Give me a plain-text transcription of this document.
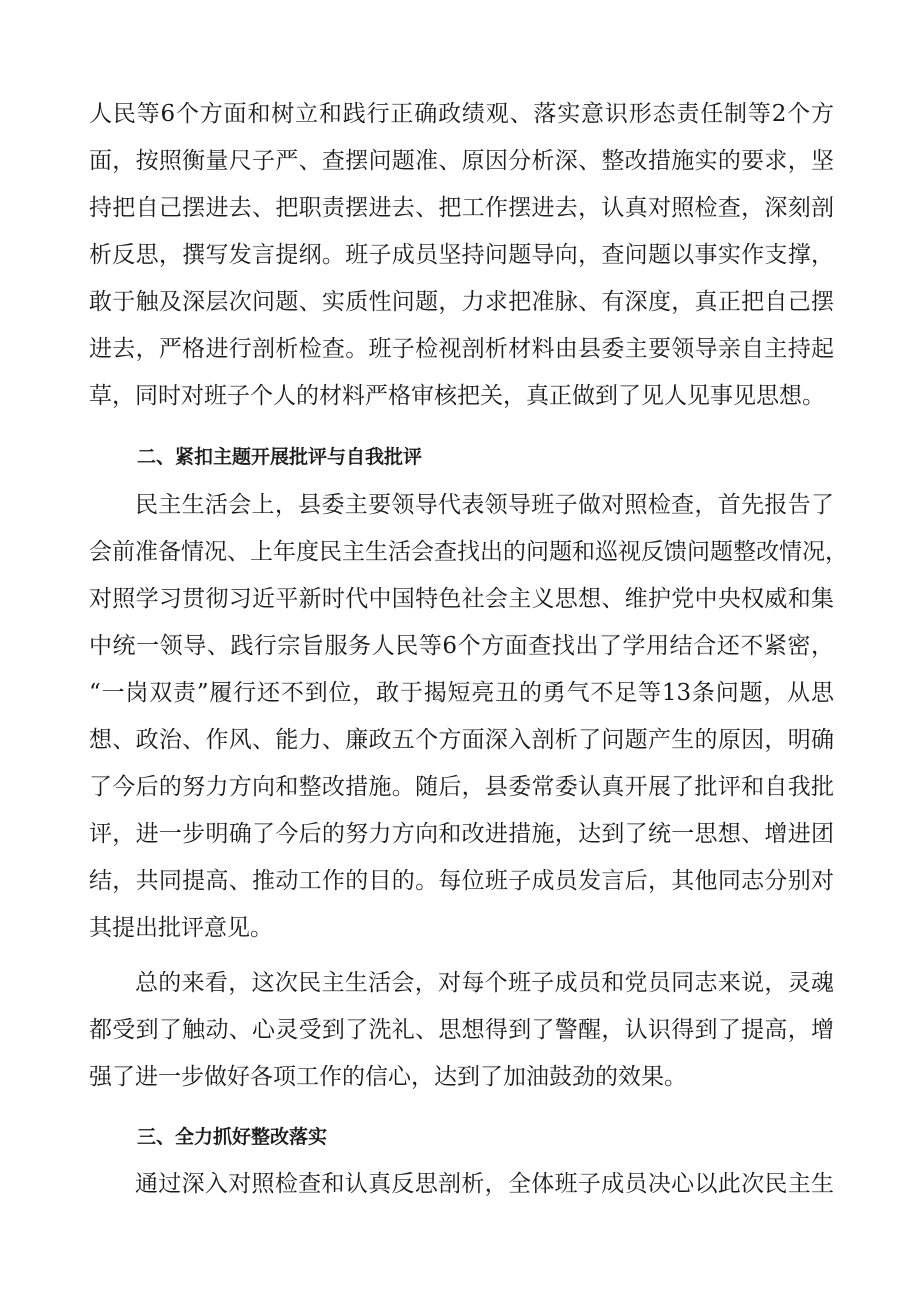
人民等6个方面和树立和践行正确政绩观、落实意识形态责任制等2个方
面，按照衡量尺子严、查摆问题准、原因分析深、整改措施实的要求，坚
持把自己摆进去、把职责摆进去、把工作摆进去，认真对照检查，深刻剖
析反思，撰写发言提纲。班子成员坚持问题导向，查问题以事实作支撑，
敢于触及深层次问题、实质性问题，力求把准脉、有深度，真正把自己摆
进去，严格进行剖析检查。班子检视剖析材料由县委主要领导亲自主持起
草，同时对班子个人的材料严格审核把关，真正做到了见人见事见思想。
二、紧扣主题开展批评与自我批评
民主生活会上，县委主要领导代表领导班子做对照检查，首先报告了
会前准备情况、上年度民主生活会查找出的问题和巡视反馈问题整改情况，
对照学习贯彻习近平新时代中国特色社会主义思想、维护党中央权威和集
中统一领导、践行宗旨服务人民等6个方面查找出了学用结合还不紧密，
“一岗双责”履行还不到位，敢于揭短亮丑的勇气不足等13条问题，从思
想、政治、作风、能力、廉政五个方面深入剖析了问题产生的原因，明确
了今后的努力方向和整改措施。随后，县委常委认真开展了批评和自我批
评，进一步明确了今后的努力方向和改进措施，达到了统一思想、增进团
结，共同提高、推动工作的目的。每位班子成员发言后，其他同志分别对
其提出批评意见。
总的来看，这次民主生活会，对每个班子成员和党员同志来说，灵魂
都受到了触动、心灵受到了洗礼、思想得到了警醒，认识得到了提高，增
强了进一步做好各项工作的信心，达到了加油鼓劲的效果。
三、全力抓好整改落实
通过深入对照检查和认真反思剖析，全体班子成员决心以此次民主生
